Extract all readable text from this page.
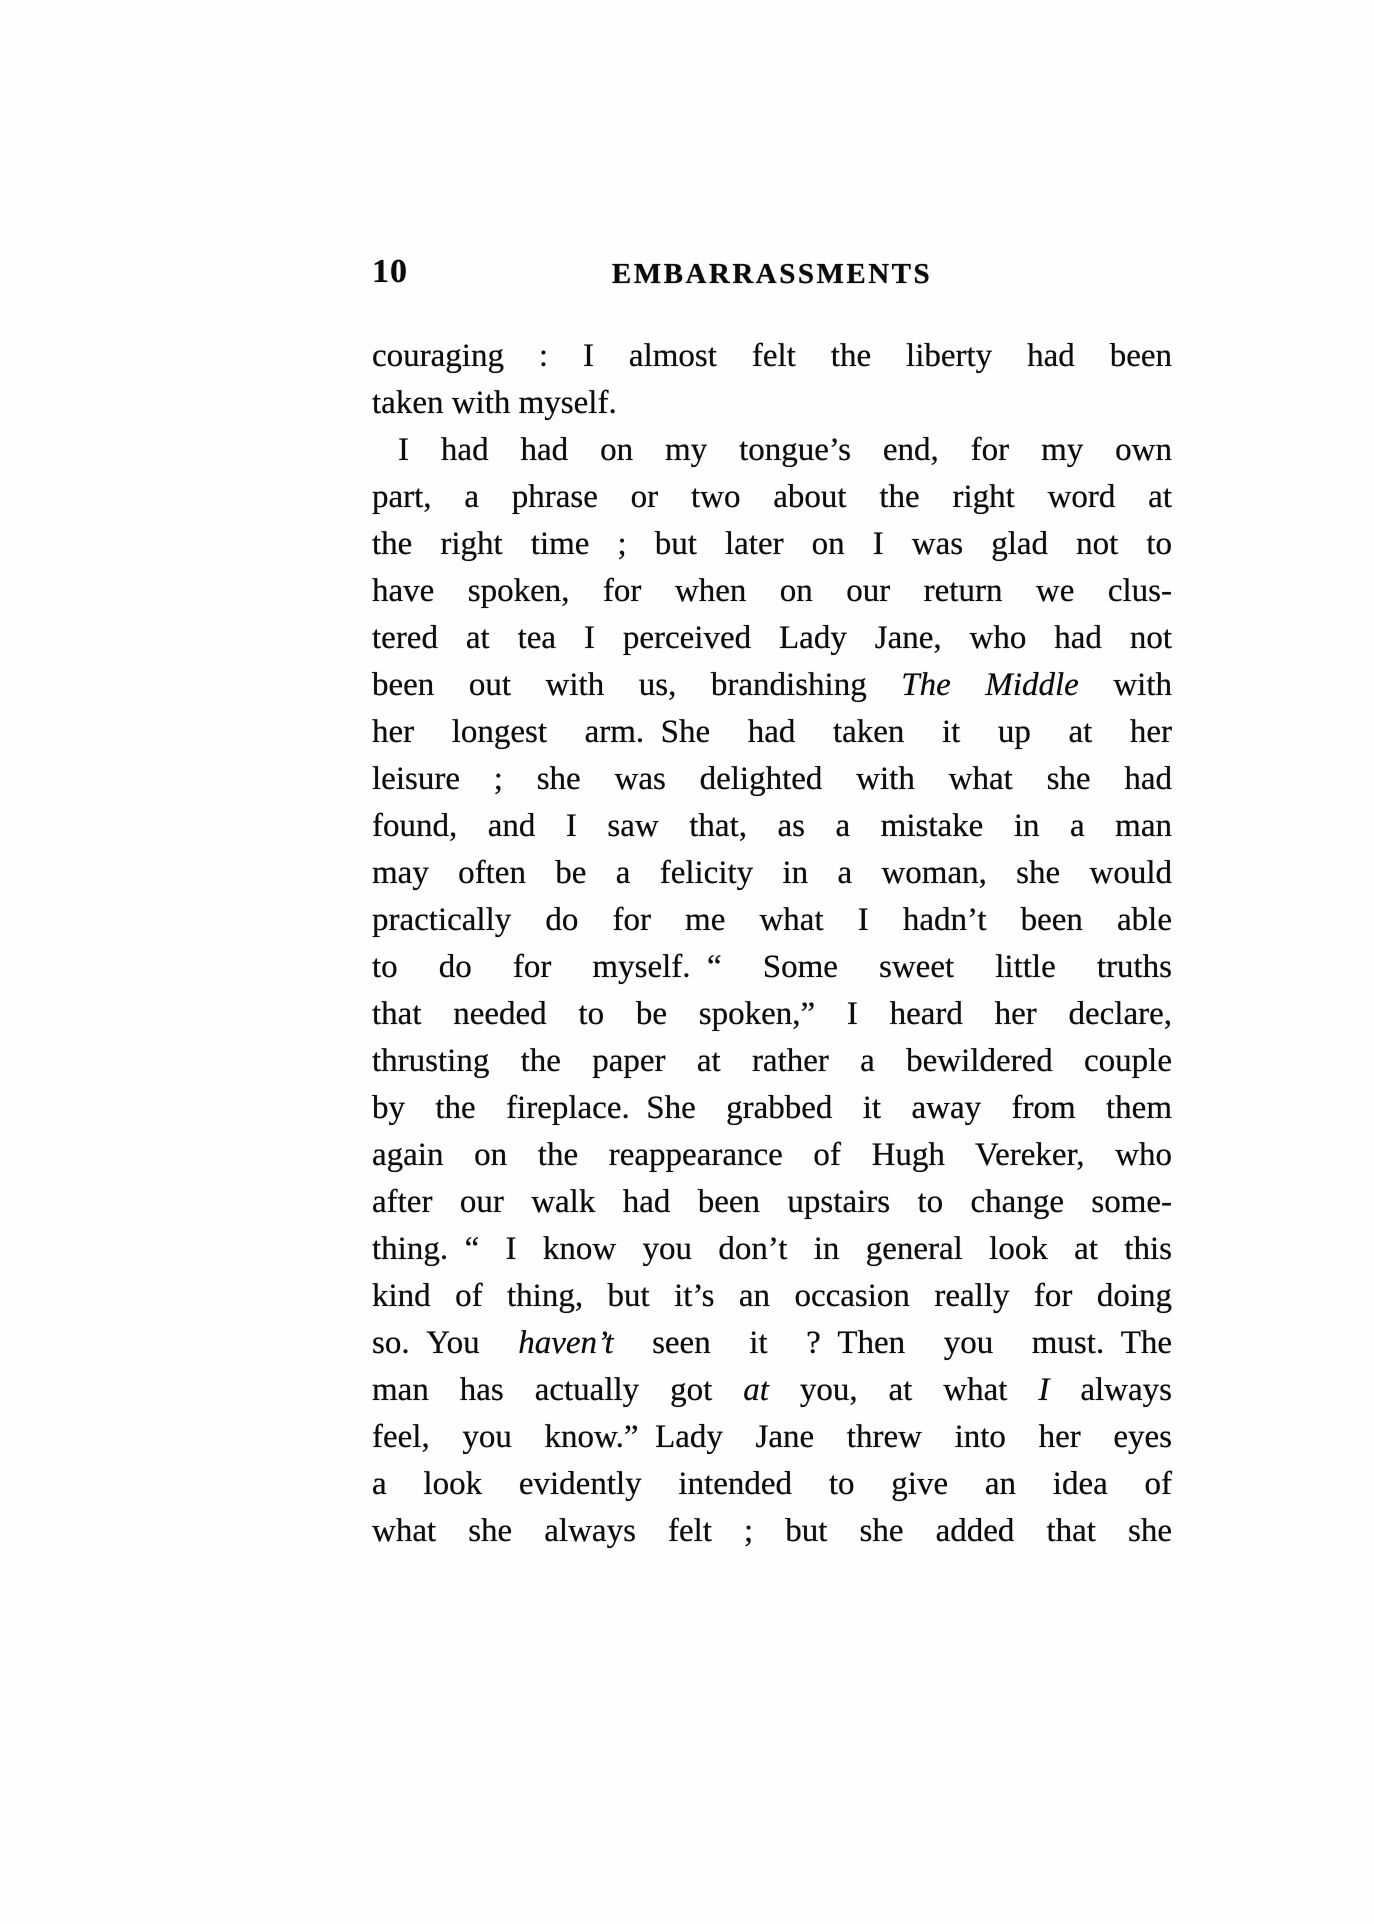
10	EMBARRASSMENTS
couraging : I almost felt the liberty had been
taken with myself.
I had had on my tongue’s end, for my own
part, a phrase or two about the right word at
the right time ; but later on I was glad not to
have spoken, for when on our return we clus-
tered at tea I perceived Lady Jane, who had not
been out with us, brandishing The Middle with
her longest arm. She had taken it up at her
leisure ; she was delighted with what she had
found, and I saw that, as a mistake in a man
may often be a felicity in a woman, she would
practically do for me what I hadn’t been able
to do for myself. “ Some sweet little truths
that needed to be spoken,” I heard her declare,
thrusting the paper at rather a bewildered couple
by the fireplace. She grabbed it away from them
again on the reappearance of Hugh Vereker, who
after our walk had been upstairs to change some-
thing. “ I know you don’t in general look at this
kind of thing, but it’s an occasion really for doing
so. You haven’t seen it ? Then you must. The
man has actually got at you, at what I always
feel, you know.” Lady Jane threw into her eyes
a look evidently intended to give an idea of
what she always felt ; but she added that she
